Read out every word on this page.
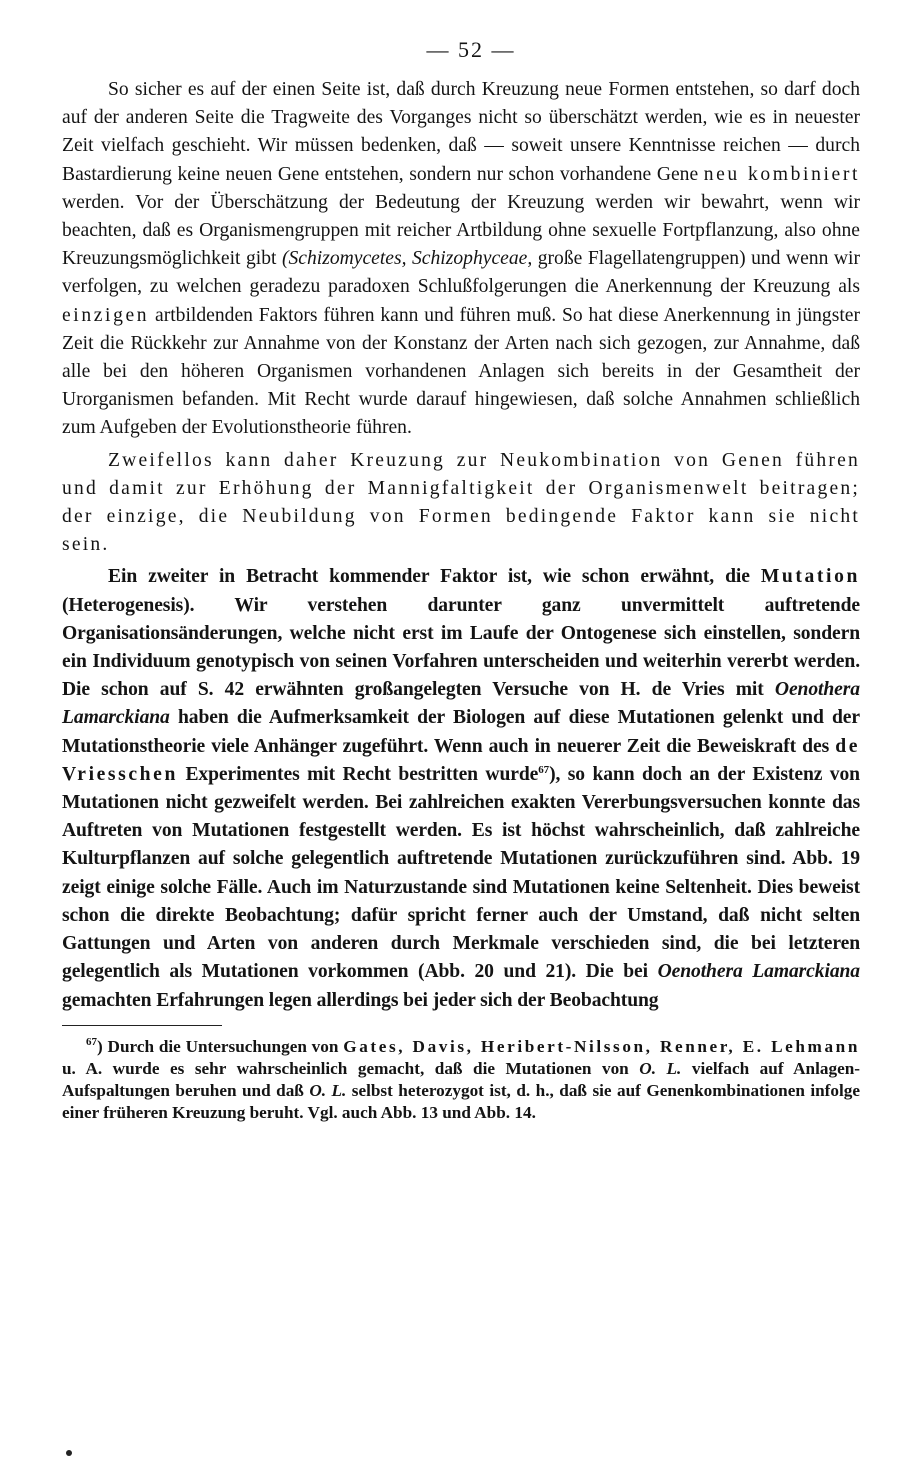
— 52 —

So sicher es auf der einen Seite ist, daß durch Kreuzung neue Formen entstehen, so darf doch auf der anderen Seite die Tragweite des Vorganges nicht so überschätzt werden, wie es in neuester Zeit vielfach geschieht. Wir müssen bedenken, daß — soweit unsere Kenntnisse reichen — durch Bastardierung keine neuen Gene entstehen, sondern nur schon vorhandene Gene neu kombiniert werden. Vor der Überschätzung der Bedeutung der Kreuzung werden wir bewahrt, wenn wir beachten, daß es Organismengruppen mit reicher Artbildung ohne sexuelle Fortpflanzung, also ohne Kreuzungsmöglichkeit gibt (Schizomycetes, Schizophyceae, große Flagellatengruppen) und wenn wir verfolgen, zu welchen geradezu paradoxen Schlußfolgerungen die Anerkennung der Kreuzung als einzigen artbildenden Faktors führen kann und führen muß. So hat diese Anerkennung in jüngster Zeit die Rückkehr zur Annahme von der Konstanz der Arten nach sich gezogen, zur Annahme, daß alle bei den höheren Organismen vorhandenen Anlagen sich bereits in der Gesamtheit der Urorganismen befanden. Mit Recht wurde darauf hingewiesen, daß solche Annahmen schließlich zum Aufgeben der Evolutionstheorie führen.

Zweifellos kann daher Kreuzung zur Neukombination von Genen führen und damit zur Erhöhung der Mannigfaltigkeit der Organismenwelt beitragen; der einzige, die Neubildung von Formen bedingende Faktor kann sie nicht sein.

Ein zweiter in Betracht kommender Faktor ist, wie schon erwähnt, die Mutation (Heterogenesis). Wir verstehen darunter ganz unvermittelt auftretende Organisationsänderungen, welche nicht erst im Laufe der Ontogenese sich einstellen, sondern ein Individuum genotypisch von seinen Vorfahren unterscheiden und weiterhin vererbt werden. Die schon auf S. 42 erwähnten großangelegten Versuche von H. de Vries mit Oenothera Lamarckiana haben die Aufmerksamkeit der Biologen auf diese Mutationen gelenkt und der Mutationstheorie viele Anhänger zugeführt. Wenn auch in neuerer Zeit die Beweiskraft des de Vriesschen Experimentes mit Recht bestritten wurde$^{67}$), so kann doch an der Existenz von Mutationen nicht gezweifelt werden. Bei zahlreichen exakten Vererbungsversuchen konnte das Auftreten von Mutationen festgestellt werden. Es ist höchst wahrscheinlich, daß zahlreiche Kulturpflanzen auf solche gelegentlich auftretende Mutationen zurückzuführen sind. Abb. 19 zeigt einige solche Fälle. Auch im Naturzustande sind Mutationen keine Seltenheit. Dies beweist schon die direkte Beobachtung; dafür spricht ferner auch der Umstand, daß nicht selten Gattungen und Arten von anderen durch Merkmale verschieden sind, die bei letzteren gelegentlich als Mutationen vorkommen (Abb. 20 und 21). Die bei Oenothera Lamarckiana gemachten Erfahrungen legen allerdings bei jeder sich der Beobachtung

$^{67}$) Durch die Untersuchungen von Gates, Davis, Heribert-Nilsson, Renner, E. Lehmann u. A. wurde es sehr wahrscheinlich gemacht, daß die Mutationen von O. L. vielfach auf Anlagen-Aufspaltungen beruhen und daß O. L. selbst heterozygot ist, d. h., daß sie auf Genenkombinationen infolge einer früheren Kreuzung beruht. Vgl. auch Abb. 13 und Abb. 14.
